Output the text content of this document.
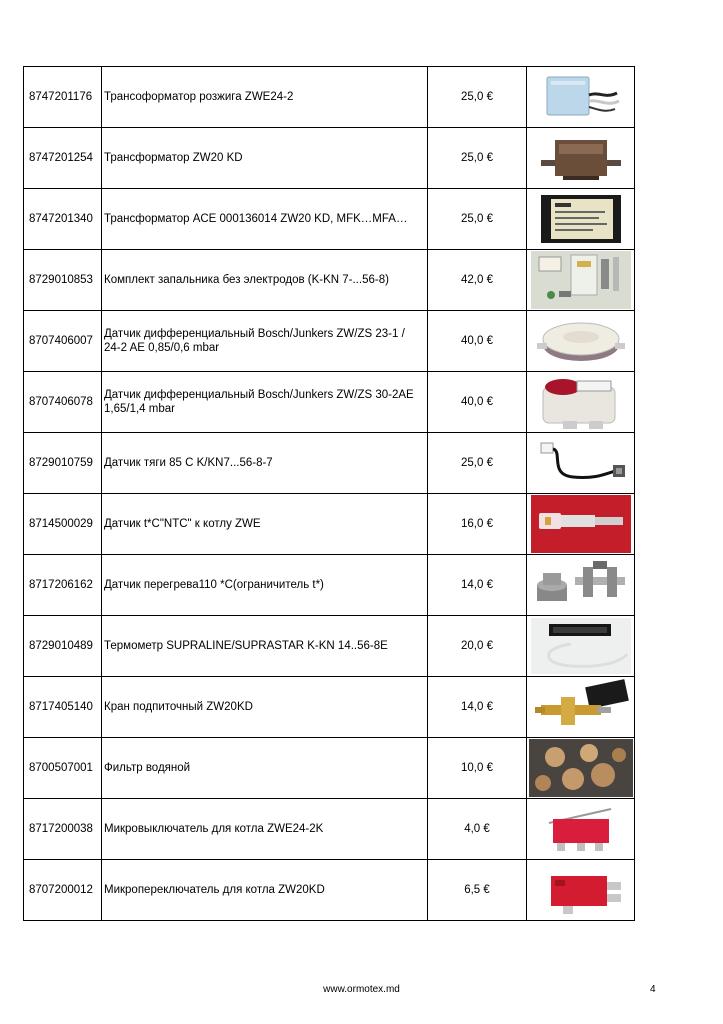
8747201176	Трансоформатор розжига ZWE24-2	25,0 €	

8747201254	Трансформатор ZW20 KD	25,0 €	

8747201340	Трансформатор ACE 000136014 ZW20 KD, MFK…MFA…	25,0 €	

8729010853	Комплект запальника без электродов (K-KN 7-...56-8)	42,0 €	

8707406007	Датчик дифференциальный Bosch/Junkers ZW/ZS 23-1 / 24-2 AE 0,85/0,6 mbar	40,0 €	

8707406078	Датчик дифференциальный Bosch/Junkers ZW/ZS 30-2AE 1,65/1,4 mbar	40,0 €	

8729010759	Датчик тяги 85 C K/KN7...56-8-7	25,0 €	

8714500029	Датчик t*C"NTC" к котлу ZWE	16,0 €	

8717206162	Датчик перегрева110 *С(ограничитель t*)	14,0 €	

8729010489	Термометр SUPRALINE/SUPRASTAR K-KN 14..56-8E	20,0 €	

8717405140	Кран подпиточный ZW20KD	14,0 €	

8700507001	Фильтр водяной	10,0 €	

8717200038	Микровыключатель для котла ZWE24-2K	4,0 €	

8707200012	Микропереключатель для котла ZW20KD	6,5 €	
www.ormotex.md	4
